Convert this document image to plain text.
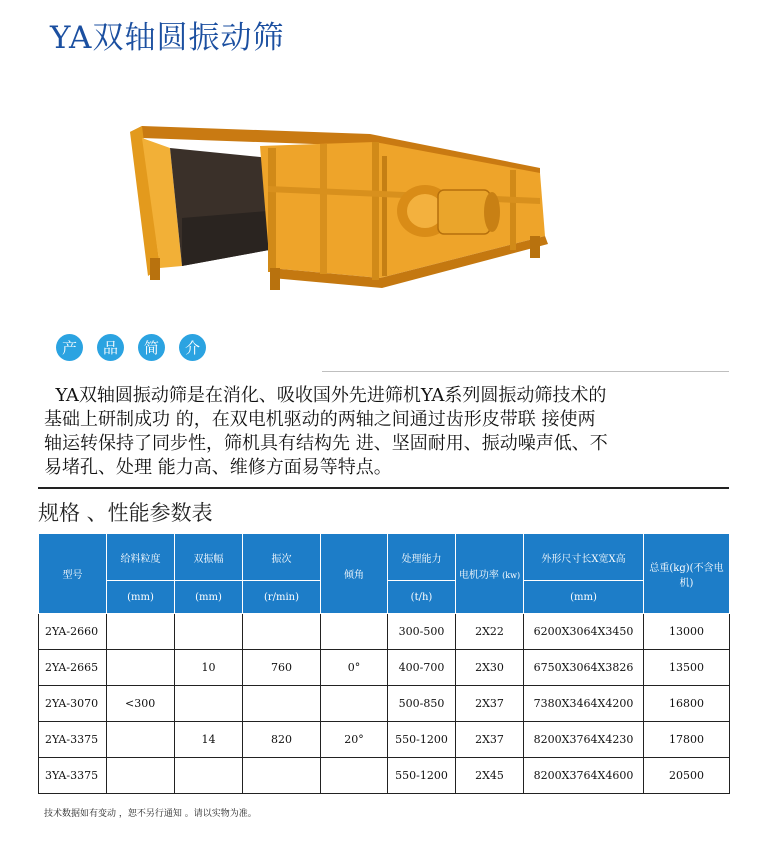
YA双轴圆振动筛
产	品	简	介
YA双轴圆振动筛是在消化、吸收国外先进筛机YA系列圆振动筛技术的
基础上研制成功 的，在双电机驱动的两轴之间通过齿形皮带联 接使两
轴运转保持了同步性，筛机具有结构先 进、坚固耐用、振动噪声低、不
易堵孔、处理 能力高、维修方面易等特点。
规格 、性能参数表
型号	给料粒度	双振幅	振次	倾角	处理能力	电机功率 (kw)	外形尺寸长X宽X高	总重(kg)(不含电机)
	(mm)	(mm)	(r/min)		(t/h)		(mm)	
2YA-2660					300-500	2X22	6200X3064X3450	13000
2YA-2665		10	760	0°	400-700	2X30	6750X3064X3826	13500
2YA-3070	<300				500-850	2X37	7380X3464X4200	16800
2YA-3375		14	820	20°	550-1200	2X37	8200X3764X4230	17800
3YA-3375					550-1200	2X45	8200X3764X4600	20500
技术数据如有变动 ，恕不另行通知 。请以实物为准。
